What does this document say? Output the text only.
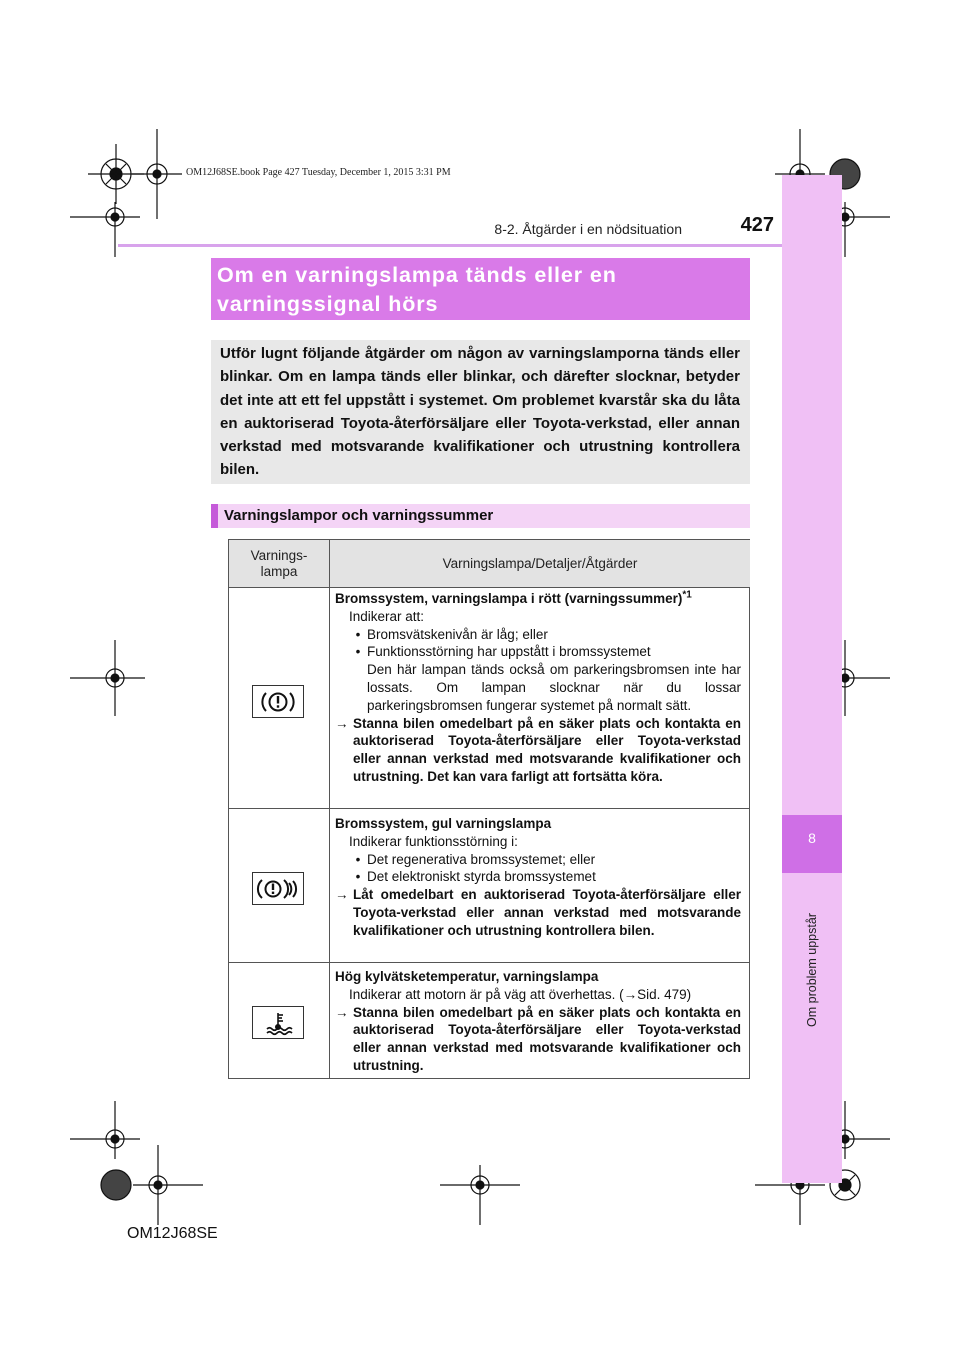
OM12J68SE.book Page 427 Tuesday, December 1, 2015 3:31 PM
8
Om problem uppstår
8-2. Åtgärder i en nödsituation	427
Om en varningslampa tänds eller en
varningssignal hörs
Utför lugnt följande åtgärder om någon av varningslamporna tänds eller blinkar. Om en lampa tänds eller blinkar, och därefter slocknar, betyder det inte att ett fel uppstått i systemet. Om problemet kvarstår ska du låta en auktoriserad Toyota-återförsäljare eller Toyota-verkstad, eller annan verkstad med motsvarande kvalifikationer och utrustning kontrollera bilen.
Varningslampor och varningssummer
Varnings-
lampa
Varningslampa/Detaljer/Åtgärder
Bromssystem, varningslampa i rött (varningssummer)$^{*1}$
Indikerar att:
• Bromsvätskenivån är låg; eller
• Funktionsstörning har uppstått i bromssystemet
Den här lampan tänds också om parkeringsbromsen inte har lossats. Om lampan slocknar när du lossar parkeringsbromsen fungerar systemet på normalt sätt.
→ Stanna bilen omedelbart på en säker plats och kontakta en auktoriserad Toyota-återförsäljare eller Toyota-verkstad eller annan verkstad med motsvarande kvalifikationer och utrustning. Det kan vara farligt att fortsätta köra.
Bromssystem, gul varningslampa
Indikerar funktionsstörning i:
• Det regenerativa bromssystemet; eller
• Det elektroniskt styrda bromssystemet
→ Låt omedelbart en auktoriserad Toyota-återförsäljare eller Toyota-verkstad eller annan verkstad med motsvarande kvalifikationer och utrustning kontrollera bilen.
Hög kylvätsketemperatur, varningslampa
Indikerar att motorn är på väg att överhettas. (→Sid. 479)
→ Stanna bilen omedelbart på en säker plats och kontakta en auktoriserad Toyota-återförsäljare eller Toyota-verkstad eller annan verkstad med motsvarande kvalifikationer och utrustning.
OM12J68SE
